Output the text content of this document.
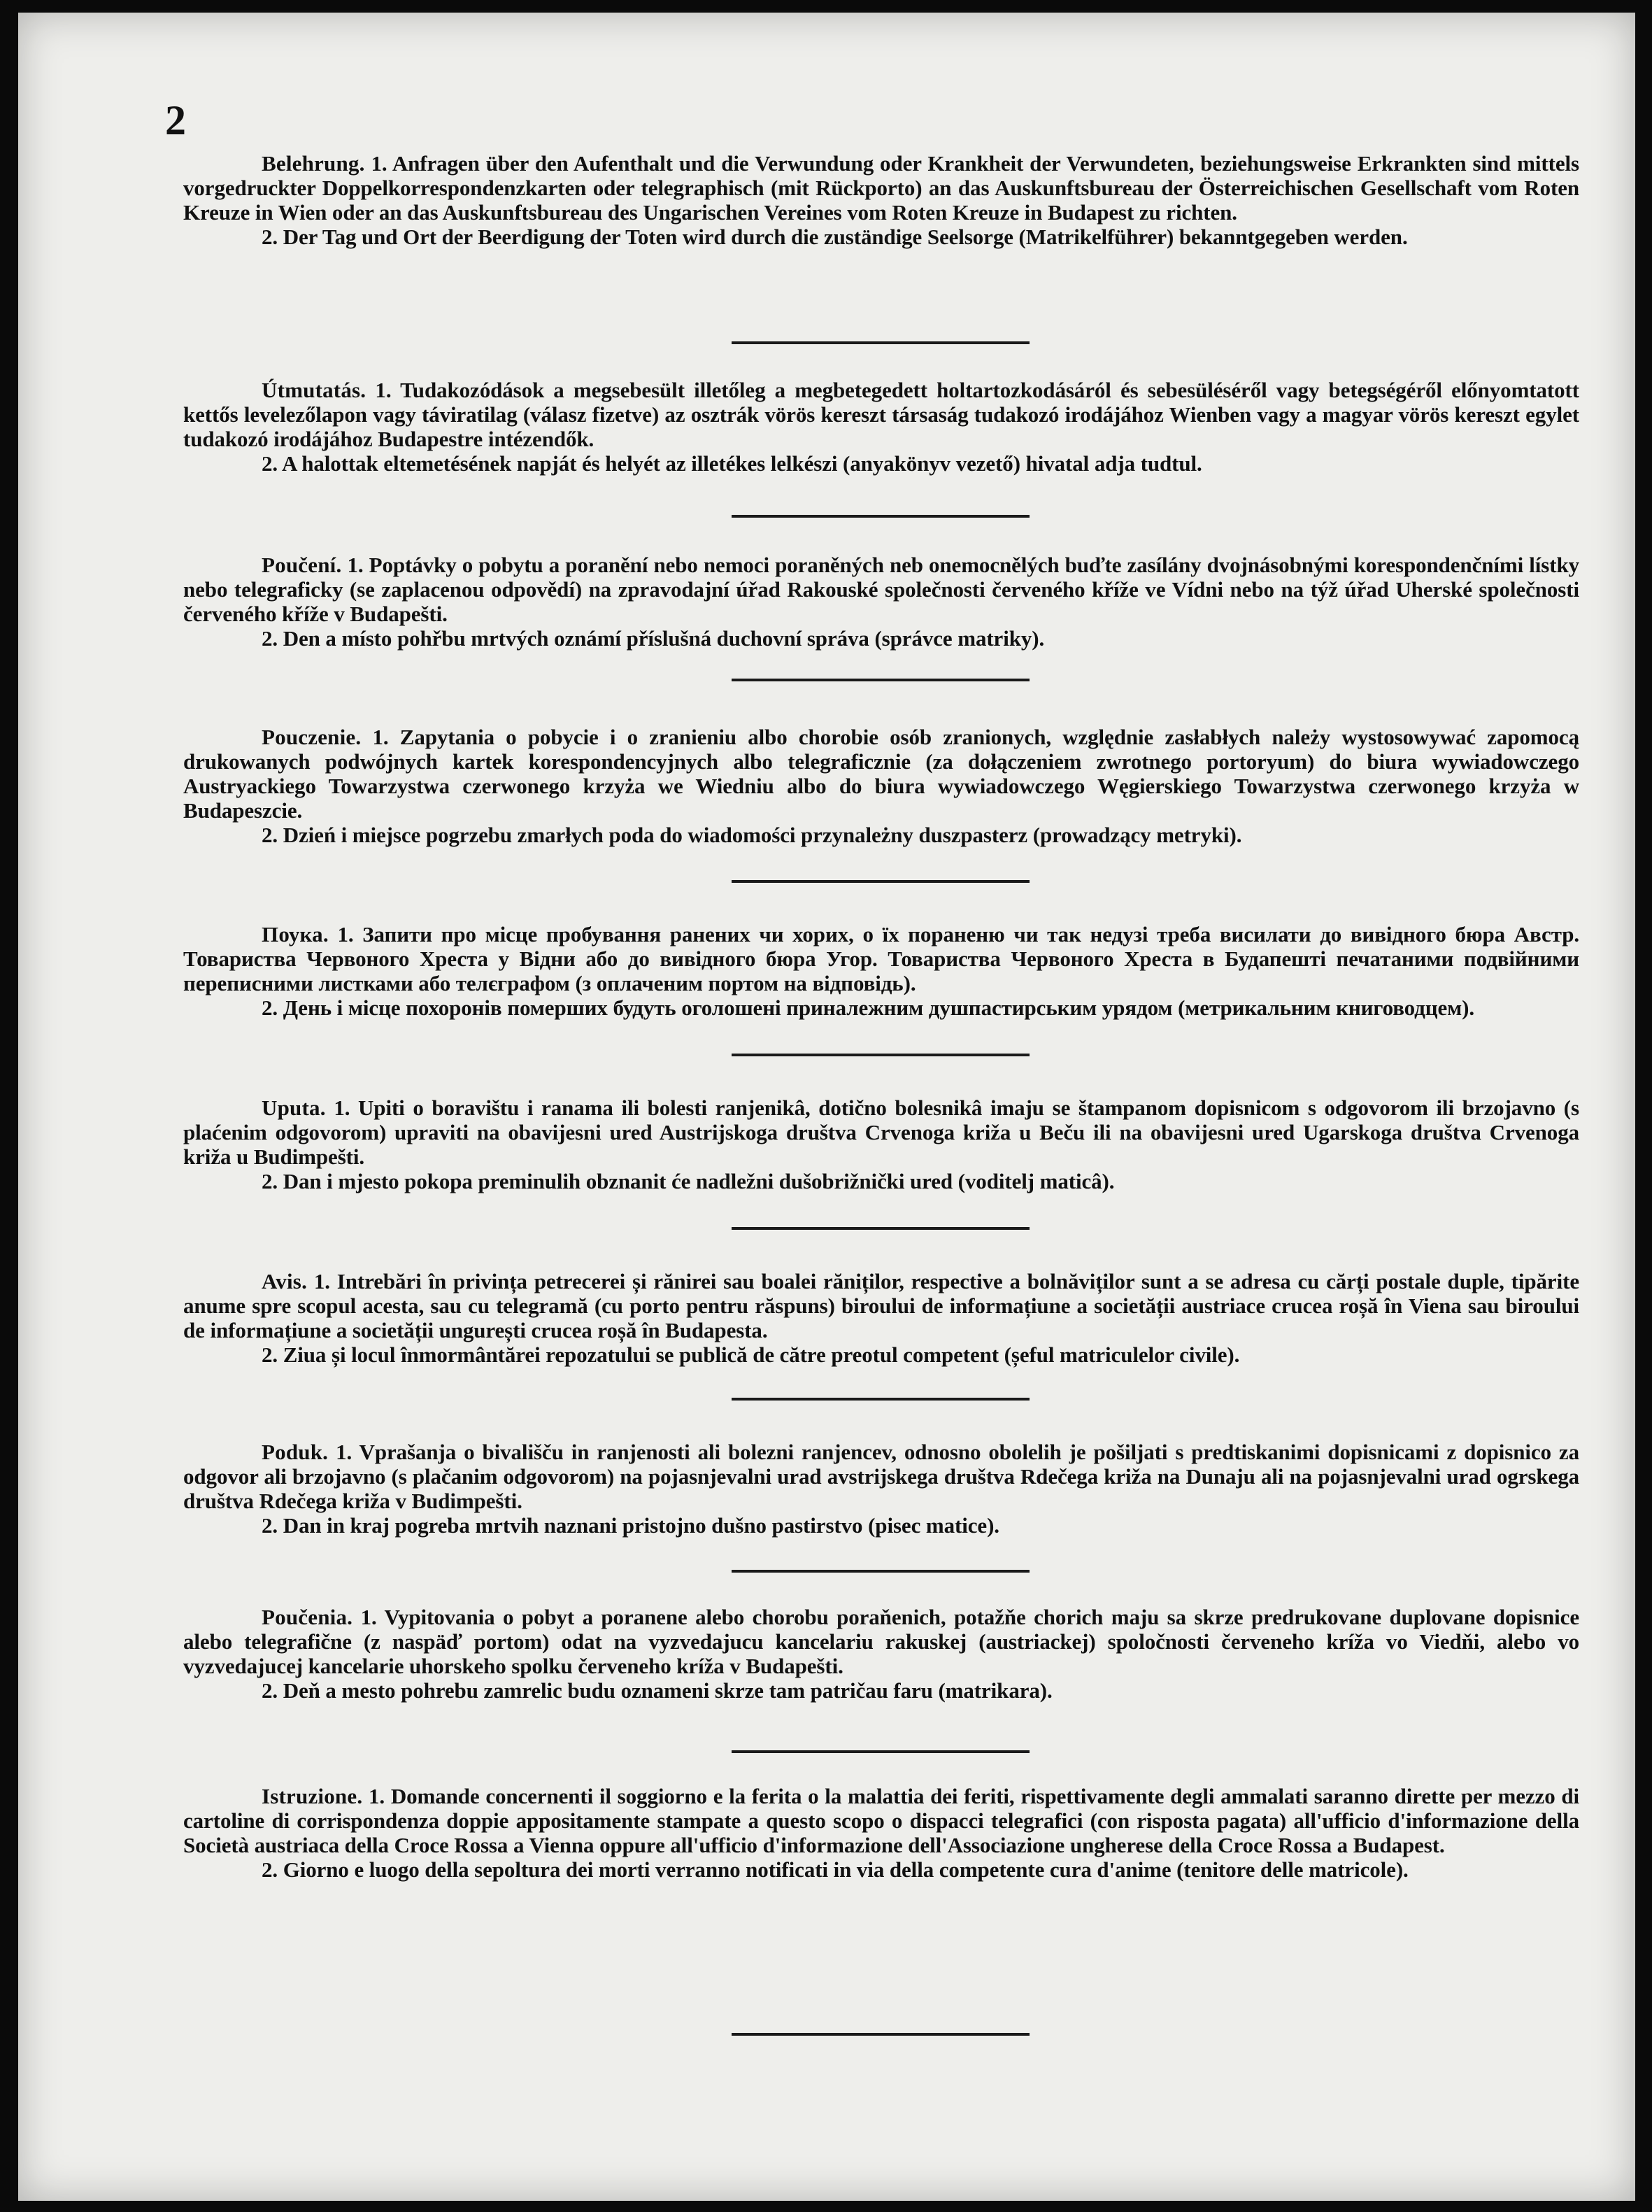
2

Belehrung. 1. Anfragen über den Aufenthalt und die Verwundung oder Krankheit der Verwundeten, beziehungsweise Erkrankten sind mittels vorgedruckter Doppelkorrespondenzkarten oder telegraphisch (mit Rückporto) an das Auskunftsbureau der Österreichischen Gesellschaft vom Roten Kreuze in Wien oder an das Auskunftsbureau des Ungarischen Vereines vom Roten Kreuze in Budapest zu richten.

2. Der Tag und Ort der Beerdigung der Toten wird durch die zuständige Seelsorge (Matrikelführer) bekanntgegeben werden.

Útmutatás. 1. Tudakozódások a megsebesült illetőleg a megbetegedett holtartozkodásáról és sebesüléséről vagy betegségéről előnyomtatott kettős levelezőlapon vagy táviratilag (válasz fizetve) az osztrák vörös kereszt társaság tudakozó irodájához Wienben vagy a magyar vörös kereszt egylet tudakozó irodájához Budapestre intézendők.

2. A halottak eltemetésének napját és helyét az illetékes lelkészi (anyakönyv vezető) hivatal adja tudtul.

Poučení. 1. Poptávky o pobytu a poranění nebo nemoci poraněných neb onemocnělých buďte zasílány dvojnásobnými korespondenčními lístky nebo telegraficky (se zaplacenou odpovědí) na zpravodajní úřad Rakouské společnosti červeného kříže ve Vídni nebo na týž úřad Uherské společnosti červeného kříže v Budapešti.

2. Den a místo pohřbu mrtvých oznámí příslušná duchovní správa (správce matriky).

Pouczenie. 1. Zapytania o pobycie i o zranieniu albo chorobie osób zranionych, względnie zasłabłych należy wystosowywać zapomocą drukowanych podwójnych kartek korespondencyjnych albo telegraficznie (za dołączeniem zwrotnego portoryum) do biura wywiadowczego Austryackiego Towarzystwa czerwonego krzyża we Wiedniu albo do biura wywiadowczego Węgierskiego Towarzystwa czerwonego krzyża w Budapeszcie.

2. Dzień i miejsce pogrzebu zmarłych poda do wiadomości przynależny duszpasterz (prowadzący metryki).

Поука. 1. Запити про місце пробування ранених чи хорих, о їх пораненю чи так недузі треба висилати до вивідного бюра Австр. Товариства Червоного Хреста у Відни або до вивідного бюра Угор. Товариства Червоного Хреста в Будапешті печатаними подвійними переписними листками або телєграфом (з оплаченим портом на відповідь).

2. День і місце похоронів померших будуть оголошені приналежним душпастирським урядом (метрикальним книговодцем).

Uputa. 1. Upiti o boravištu i ranama ili bolesti ranjenikâ, dotično bolesnikâ imaju se štampanom dopisnicom s odgovorom ili brzojavno (s plaćenim odgovorom) upraviti na obavijesni ured Austrijskoga društva Crvenoga križa u Beču ili na obavijesni ured Ugarskoga društva Crvenoga križa u Budimpešti.

2. Dan i mjesto pokopa preminulih obznanit će nadležni dušobrižnički ured (voditelj maticâ).

Avis. 1. Intrebări în privința petrecerei și rănirei sau boalei răniților, respective a bolnăviților sunt a se adresa cu cărți postale duple, tipărite anume spre scopul acesta, sau cu telegramă (cu porto pentru răspuns) biroului de informațiune a societății austriace crucea roșă în Viena sau biroului de informațiune a societății ungurești crucea roșă în Budapesta.

2. Ziua și locul înmormântărei repozatului se publică de către preotul competent (șeful matriculelor civile).

Poduk. 1. Vprašanja o bivališču in ranjenosti ali bolezni ranjencev, odnosno obolelih je pošiljati s predtiskanimi dopisnicami z dopisnico za odgovor ali brzojavno (s plačanim odgovorom) na pojasnjevalni urad avstrijskega društva Rdečega križa na Dunaju ali na pojasnjevalni urad ogrskega društva Rdečega križa v Budimpešti.

2. Dan in kraj pogreba mrtvih naznani pristojno dušno pastirstvo (pisec matice).

Poučenia. 1. Vypitovania o pobyt a poranene alebo chorobu poraňenich, potažňe chorich maju sa skrze predrukovane duplovane dopisnice alebo telegrafične (z naspäď portom) odat na vyzvedajucu kancelariu rakuskej (austriackej) spoločnosti červeneho kríža vo Viedňi, alebo vo vyzvedajucej kancelarie uhorskeho spolku červeneho kríža v Budapešti.

2. Deň a mesto pohrebu zamrelic budu oznameni skrze tam patričau faru (matrikara).

Istruzione. 1. Domande concernenti il soggiorno e la ferita o la malattia dei feriti, rispettivamente degli ammalati saranno dirette per mezzo di cartoline di corrispondenza doppie appositamente stampate a questo scopo o dispacci telegrafici (con risposta pagata) all'ufficio d'informazione della Società austriaca della Croce Rossa a Vienna oppure all'ufficio d'informazione dell'Associazione ungherese della Croce Rossa a Budapest.

2. Giorno e luogo della sepoltura dei morti verranno notificati in via della competente cura d'anime (tenitore delle matricole).
